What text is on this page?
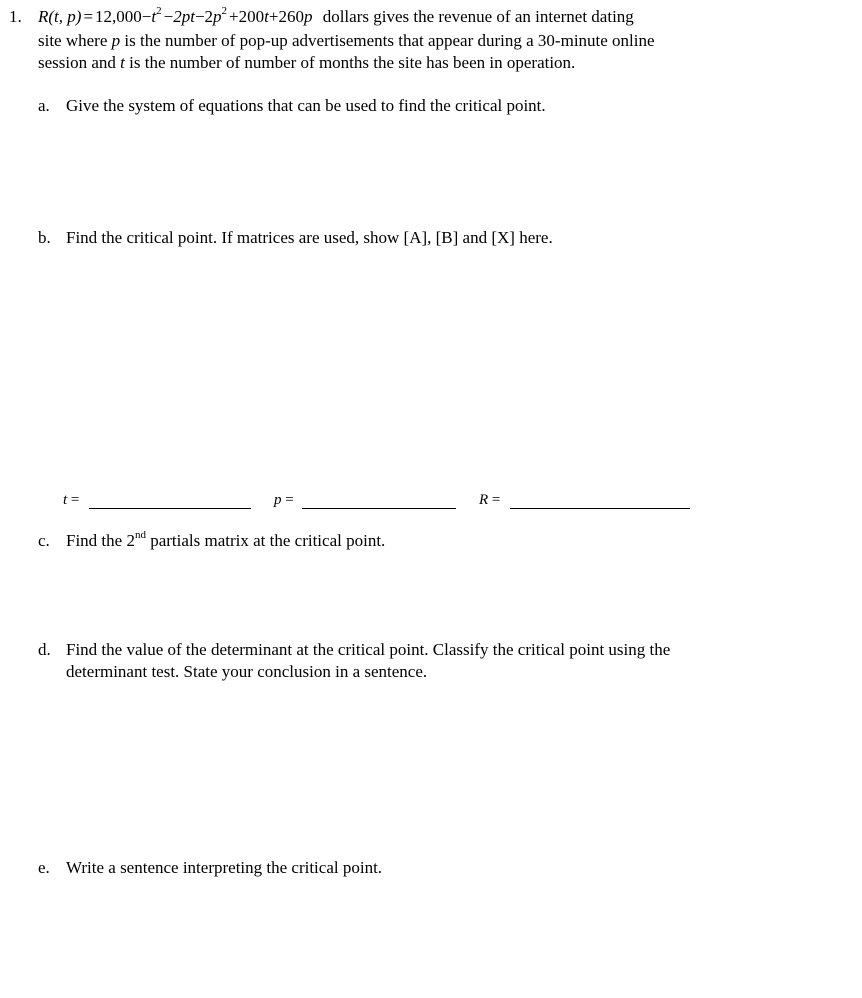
1. R(t, $p) = 12,000-t^2 -2pt-2p^2 +200t+260p$ dollars gives the revenue of an internet dating
site where p is the number of pop-up advertisements that appear during a 30-minute online
session and t is the number of number of months the site has been in operation.
a. Give the system of equations that can be used to find the critical point.
b. Find the critical point. If matrices are used, show [A], [B] and [X] here.
t =	p =	R =
c. Find the 2nd partials matrix at the critical point.
d. Find the value of the determinant at the critical point. Classify the critical point using the
determinant test. State your conclusion in a sentence.
e. Write a sentence interpreting the critical point.
